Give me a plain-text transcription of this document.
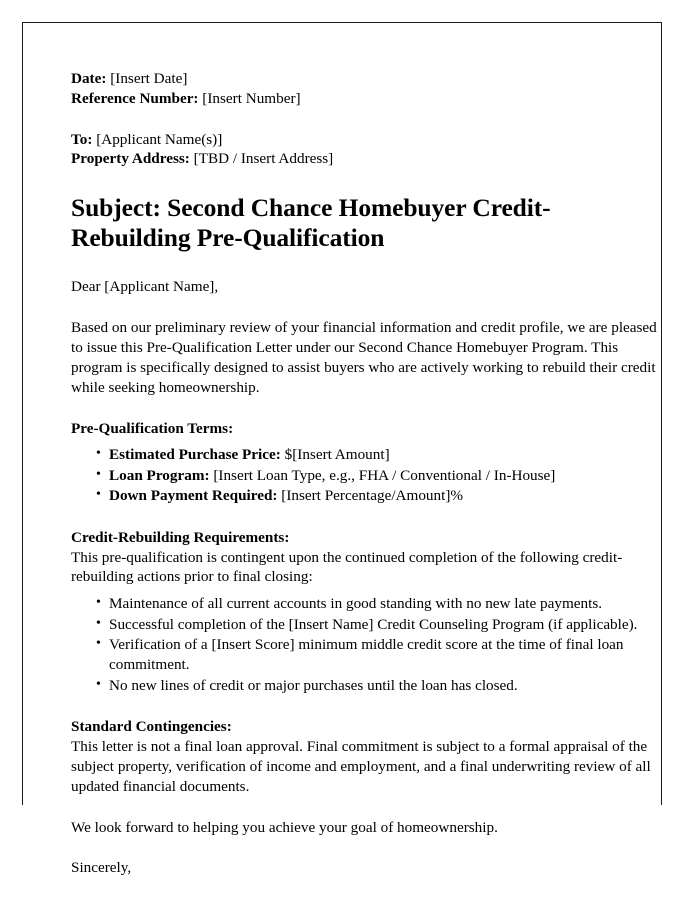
Date: [Insert Date]
Reference Number: [Insert Number]
To: [Applicant Name(s)]
Property Address: [TBD / Insert Address]
Subject: Second Chance Homebuyer Credit-Rebuilding Pre-Qualification
Dear [Applicant Name],

Based on our preliminary review of your financial information and credit profile, we are pleased to issue this Pre-Qualification Letter under our Second Chance Homebuyer Program. This program is specifically designed to assist buyers who are actively working to rebuild their credit while seeking homeownership.

Pre-Qualification Terms:
• Estimated Purchase Price: $[Insert Amount]
• Loan Program: [Insert Loan Type, e.g., FHA / Conventional / In-House]
• Down Payment Required: [Insert Percentage/Amount]%
Credit-Rebuilding Requirements:

This pre-qualification is contingent upon the continued completion of the following credit-rebuilding actions prior to final closing:

• Maintenance of all current accounts in good standing with no new late payments.
• Successful completion of the [Insert Name] Credit Counseling Program (if applicable).
• Verification of a [Insert Score] minimum middle credit score at the time of final loan commitment.
• No new lines of credit or major purchases until the loan has closed.
Standard Contingencies:

This letter is not a final loan approval. Final commitment is subject to a formal appraisal of the subject property, verification of income and employment, and a final underwriting review of all updated financial documents.

We look forward to helping you achieve your goal of homeownership.
Sincerely,
